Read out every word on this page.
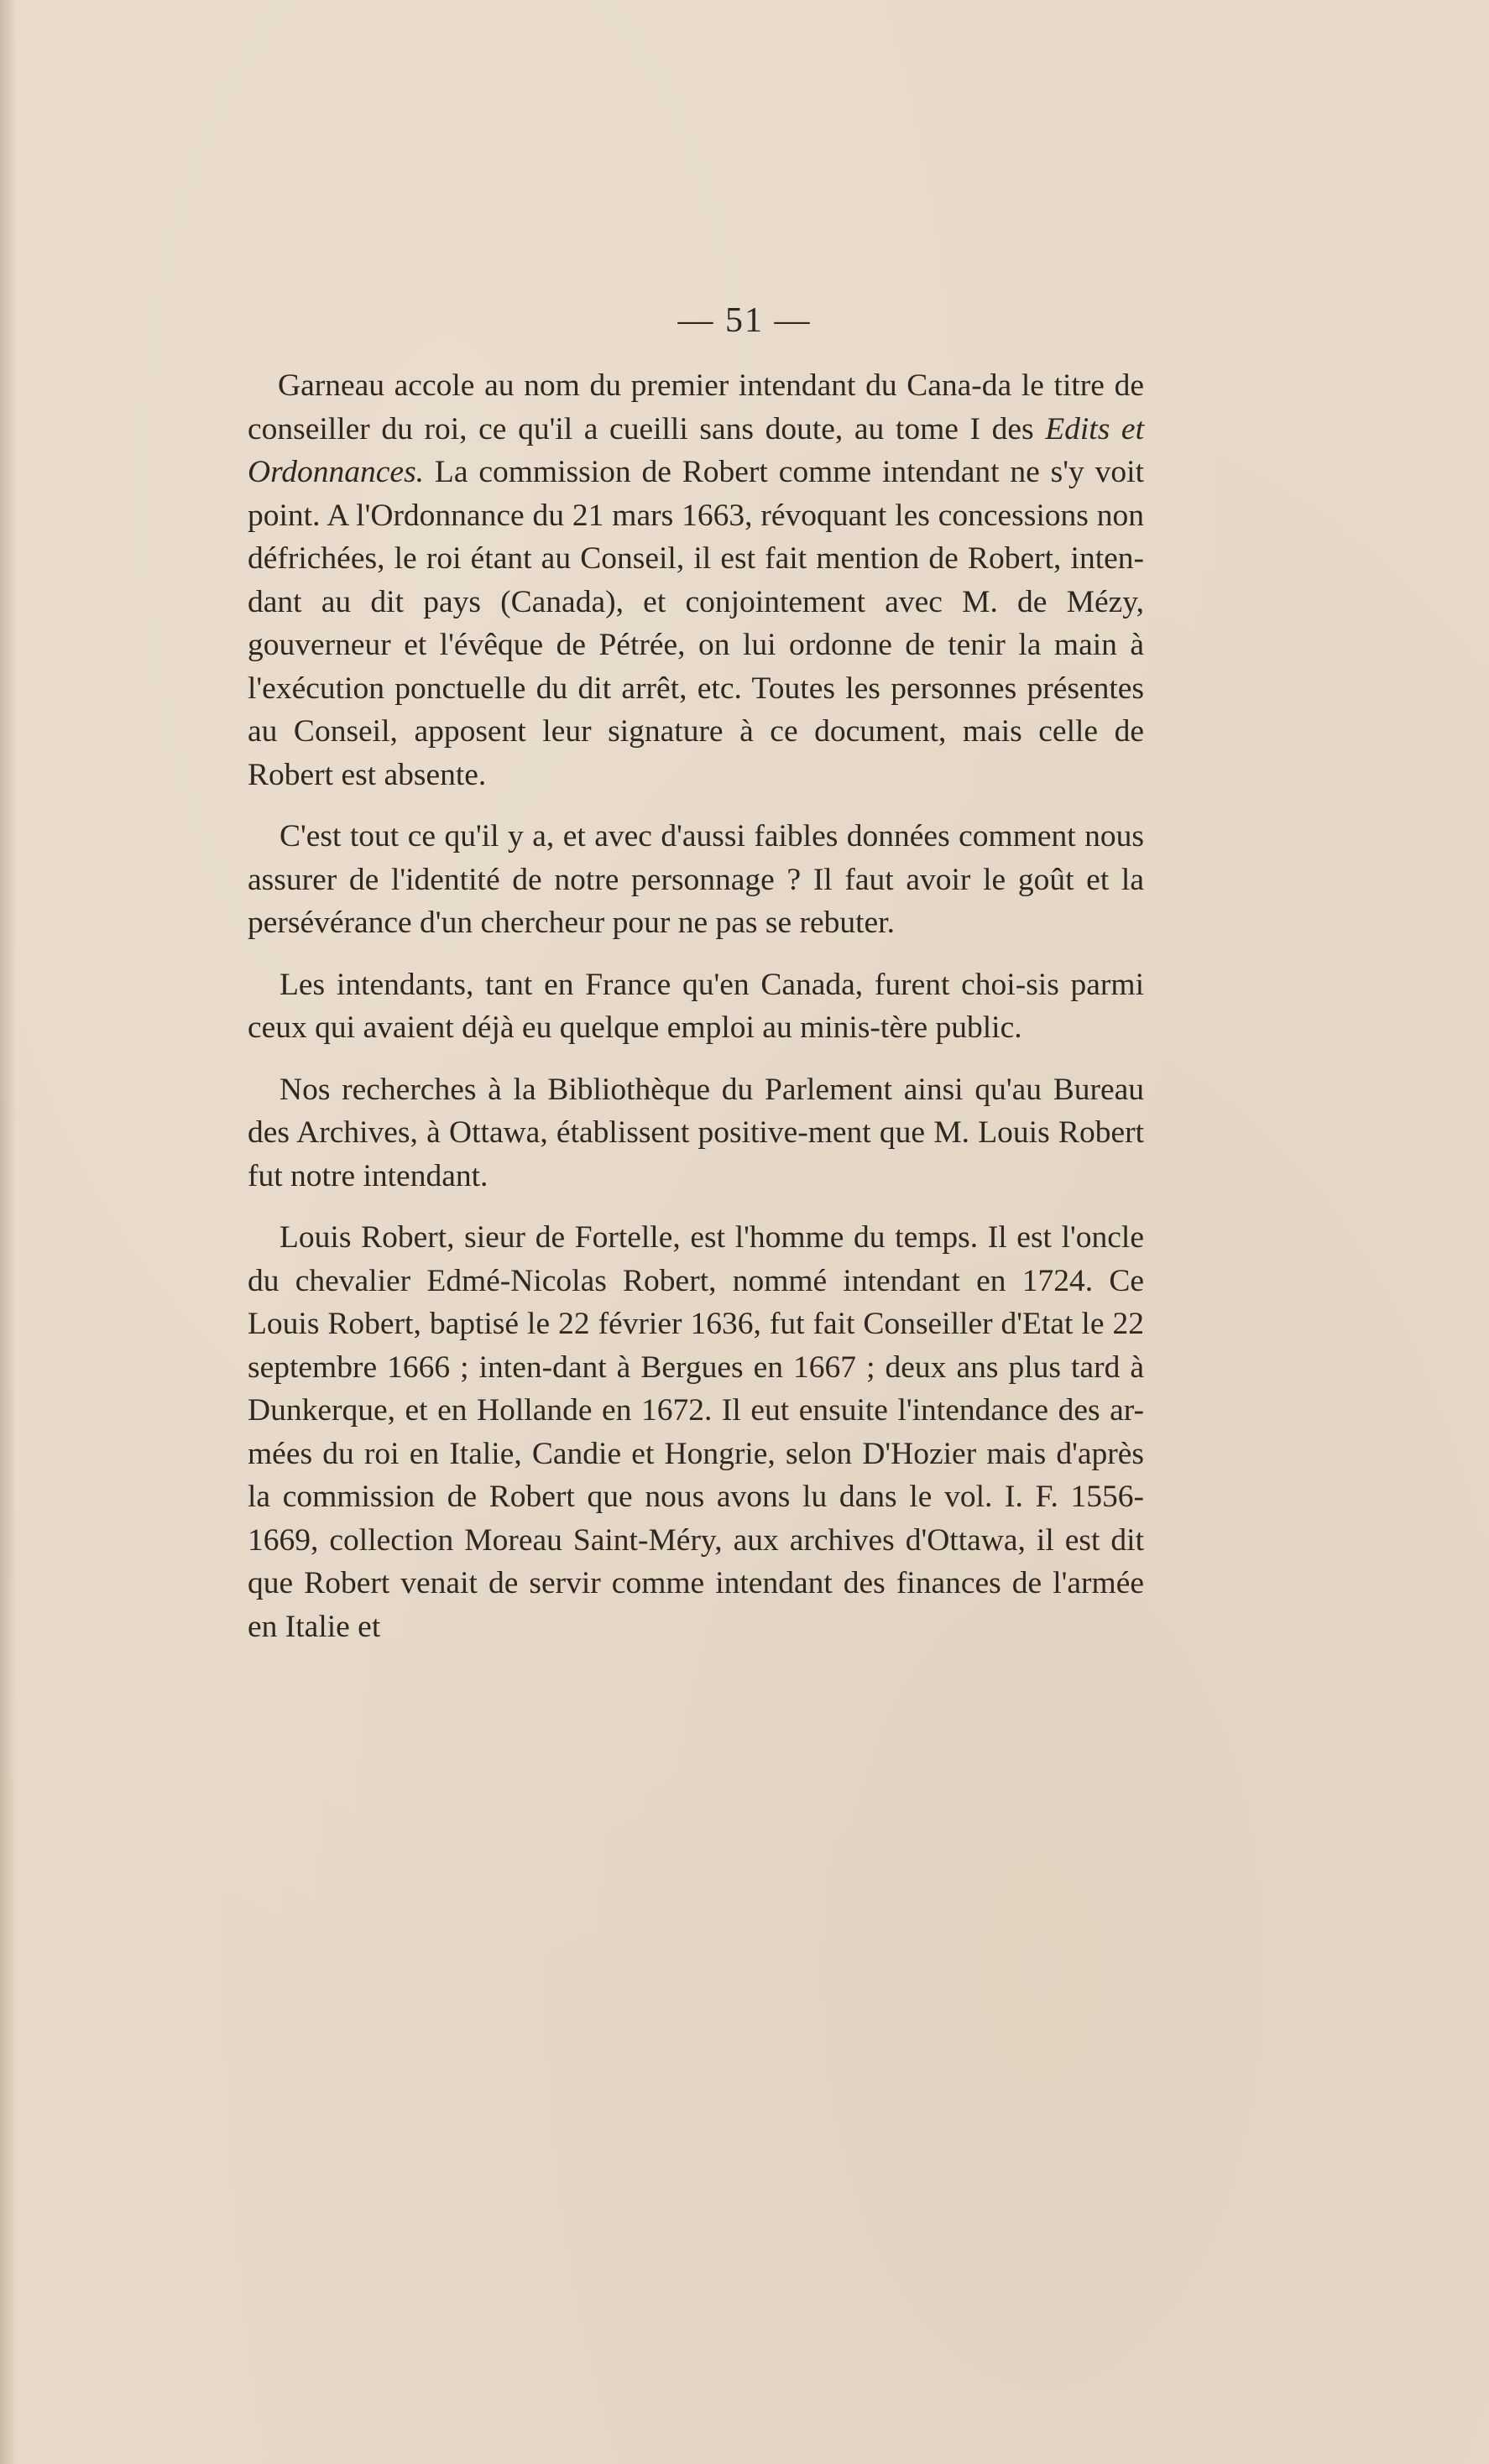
— 51 —

Garneau accole au nom du premier intendant du Cana-da le titre de conseiller du roi, ce qu'il a cueilli sans doute, au tome I des Edits et Ordonnances. La commission de Robert comme intendant ne s'y voit point. A l'Ordonnance du 21 mars 1663, révoquant les concessions non défrichées, le roi étant au Conseil, il est fait mention de Robert, inten-dant au dit pays (Canada), et conjointement avec M. de Mézy, gouverneur et l'évêque de Pétrée, on lui ordonne de tenir la main à l'exécution ponctuelle du dit arrêt, etc. Toutes les personnes présentes au Conseil, apposent leur signature à ce document, mais celle de Robert est absente.

C'est tout ce qu'il y a, et avec d'aussi faibles données comment nous assurer de l'identité de notre personnage ? Il faut avoir le goût et la persévérance d'un chercheur pour ne pas se rebuter.

Les intendants, tant en France qu'en Canada, furent choi-sis parmi ceux qui avaient déjà eu quelque emploi au minis-tère public.

Nos recherches à la Bibliothèque du Parlement ainsi qu'au Bureau des Archives, à Ottawa, établissent positive-ment que M. Louis Robert fut notre intendant.

Louis Robert, sieur de Fortelle, est l'homme du temps. Il est l'oncle du chevalier Edmé-Nicolas Robert, nommé intendant en 1724. Ce Louis Robert, baptisé le 22 février 1636, fut fait Conseiller d'Etat le 22 septembre 1666 ; inten-dant à Bergues en 1667 ; deux ans plus tard à Dunkerque, et en Hollande en 1672. Il eut ensuite l'intendance des ar-mées du roi en Italie, Candie et Hongrie, selon D'Hozier mais d'après la commission de Robert que nous avons lu dans le vol. I. F. 1556-1669, collection Moreau Saint-Méry, aux archives d'Ottawa, il est dit que Robert venait de servir comme intendant des finances de l'armée en Italie et
